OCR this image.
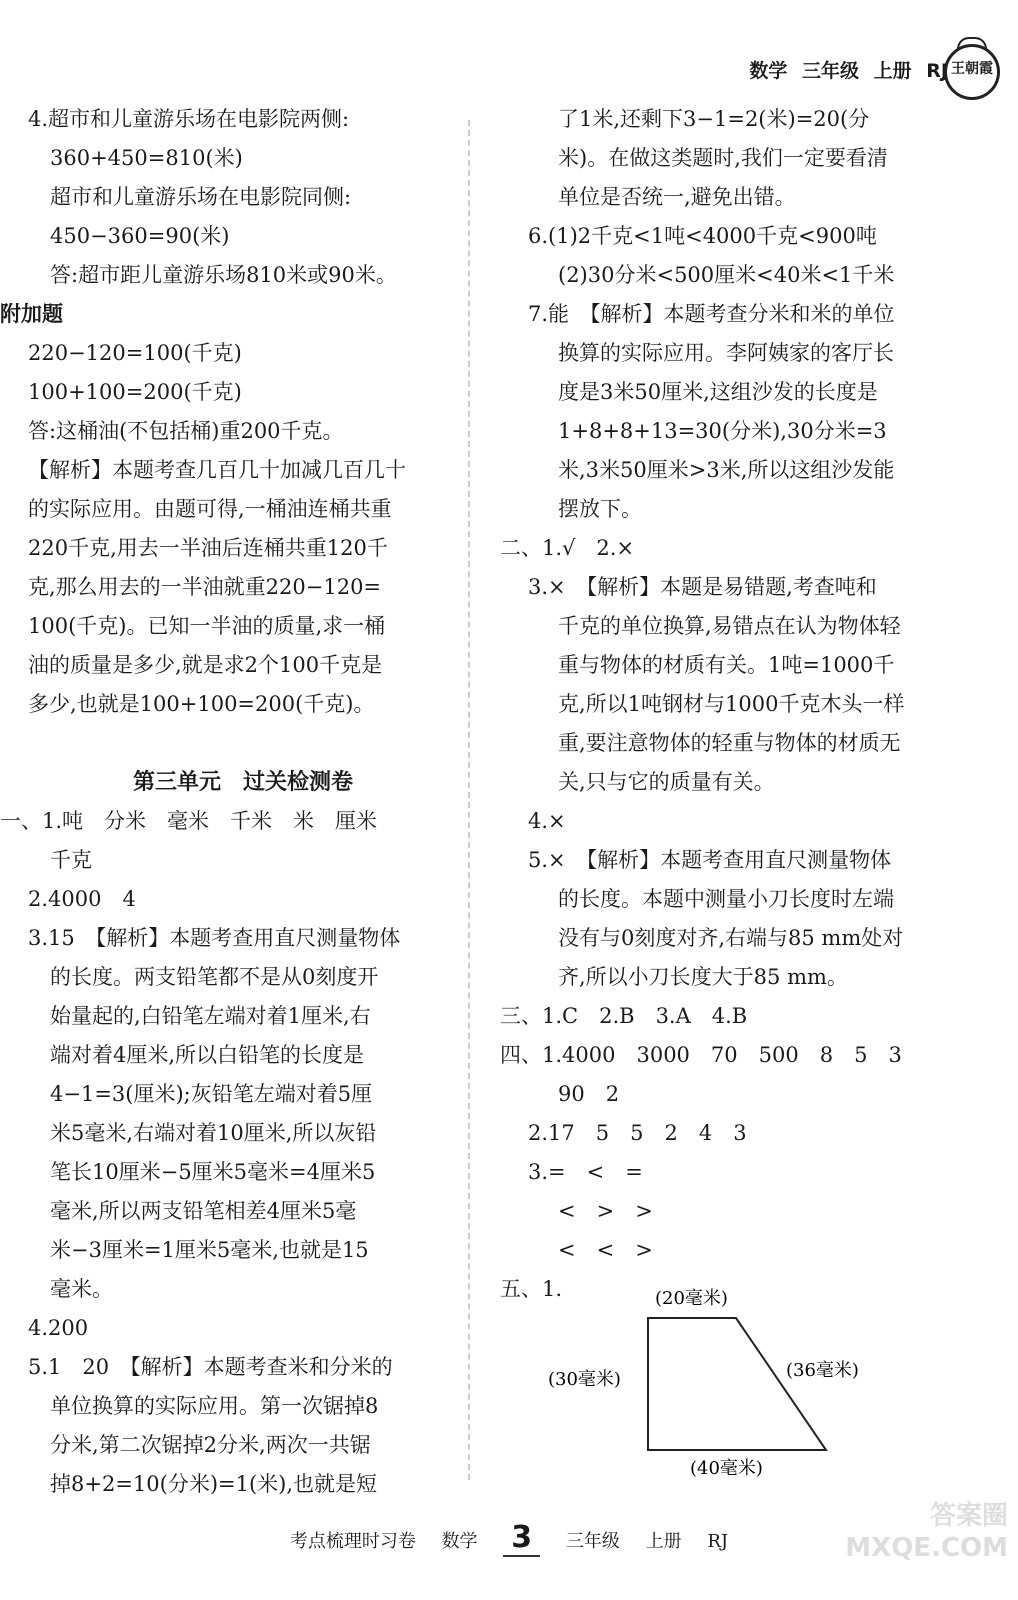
数学 三年级 上册 RJ 王朝霞
4.超市和儿童游乐场在电影院两侧:
360+450=810(米)
超市和儿童游乐场在电影院同侧:
450−360=90(米)
答:超市距儿童游乐场810米或90米。
附加题
220−120=100(千克)
100+100=200(千克)
答:这桶油(不包括桶)重200千克。
【解析】本题考查几百几十加减几百几十
的实际应用。由题可得,一桶油连桶共重
220千克,用去一半油后连桶共重120千
克,那么用去的一半油就重220−120=
100(千克)。已知一半油的质量,求一桶
油的质量是多少,就是求2个100千克是
多少,也就是100+100=200(千克)。
第三单元　过关检测卷
一、1.吨　分米　毫米　千米　米　厘米
千克
2.4000　4
3.15　【解析】本题考查用直尺测量物体
的长度。两支铅笔都不是从0刻度开
始量起的,白铅笔左端对着1厘米,右
端对着4厘米,所以白铅笔的长度是
4−1=3(厘米);灰铅笔左端对着5厘
米5毫米,右端对着10厘米,所以灰铅
笔长10厘米−5厘米5毫米=4厘米5
毫米,所以两支铅笔相差4厘米5毫
米−3厘米=1厘米5毫米,也就是15
毫米。
4.200
5.1　20　【解析】本题考查米和分米的
单位换算的实际应用。第一次锯掉8
分米,第二次锯掉2分米,两次一共锯
掉8+2=10(分米)=1(米),也就是短
了1米,还剩下3−1=2(米)=20(分
米)。在做这类题时,我们一定要看清
单位是否统一,避免出错。
6.(1)2千克<1吨<4000千克<900吨
(2)30分米<500厘米<40米<1千米
7.能　【解析】本题考查分米和米的单位
换算的实际应用。李阿姨家的客厅长
度是3米50厘米,这组沙发的长度是
1+8+8+13=30(分米),30分米=3
米,3米50厘米>3米,所以这组沙发能
摆放下。
二、1.√　2.×
3.×　【解析】本题是易错题,考查吨和
千克的单位换算,易错点在认为物体轻
重与物体的材质有关。1吨=1000千
克,所以1吨钢材与1000千克木头一样
重,要注意物体的轻重与物体的材质无
关,只与它的质量有关。
4.×
5.×　【解析】本题考查用直尺测量物体
的长度。本题中测量小刀长度时左端
没有与0刻度对齐,右端与85 mm处对
齐,所以小刀长度大于85 mm。
三、1.C　2.B　3.A　4.B
四、1.4000　3000　70　500　8　5　3
90　2
2.17　5　5　2　4　3
3.=　<　=
<　>　>
<　<　>
五、1.	(20毫米)
(30毫米)	(36毫米)
(40毫米)
考点梳理时习卷 数学 3 三年级 上册 RJ
答案圈
MXQE.COM
